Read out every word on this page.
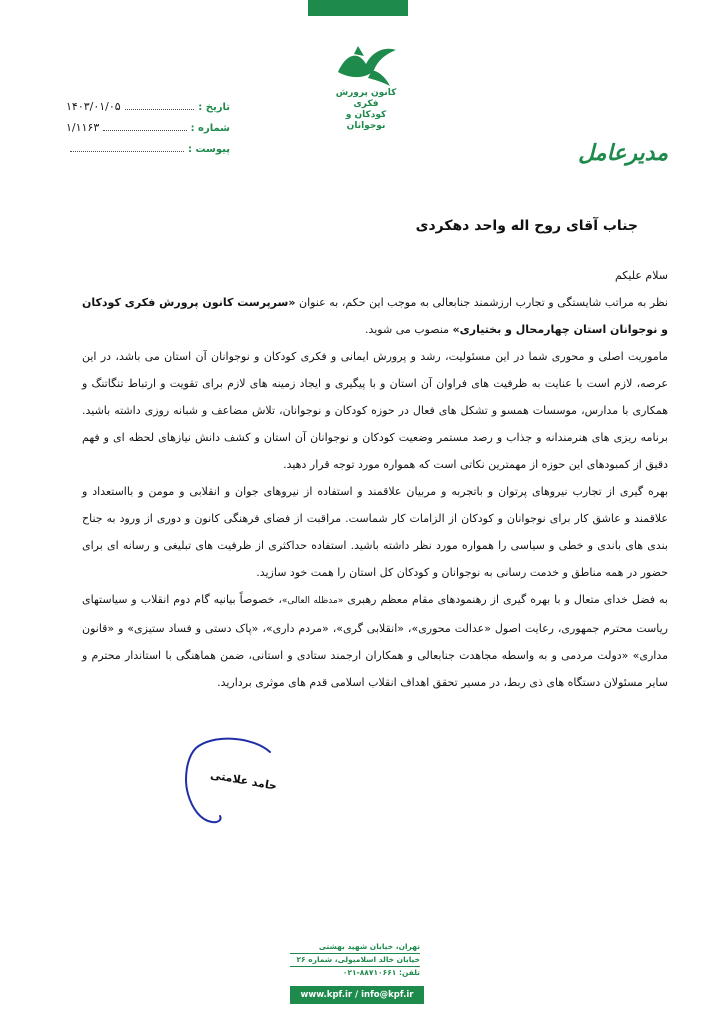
کانون پرورش فکری
کودکان و نوجوانان
۱۴۰۳/۰۱/۰۵	تاریخ :
۱/۱۱۶۳	شماره :
پیوست :	مدیرعامل
جناب آقای روح اله واحد دهکردی

سلام علیکم

نظر به مراتب شایستگی و تجارب ارزشمند جنابعالی به موجب این حکم، به عنوان «سرپرست کانون پرورش فکری کودکان و نوجوانان استان چهارمحال و بختیاری» منصوب می شوید.

ماموریت اصلی و محوری شما در این مسئولیت، رشد و پرورش ایمانی و فکری کودکان و نوجوانان آن استان می باشد، در این عرصه، لازم است با عنایت به ظرفیت های فراوان آن استان و با پیگیری و ایجاد زمینه های لازم برای تقویت و ارتباط تنگاتنگ و همکاری با مدارس، موسسات همسو و تشکل های فعال در حوزه کودکان و نوجوانان، تلاش مضاعف و شبانه روزی داشته باشید. برنامه ریزی های هنرمندانه و جذاب و رصد مستمر وضعیت کودکان و نوجوانان آن استان و کشف دانش نیازهای لحظه ای و فهم دقیق از کمبودهای این حوزه از مهمترین نکاتی است که همواره مورد توجه قرار دهید.

بهره گیری از تجارب نیروهای پرتوان و باتجربه و مربیان علاقمند و استفاده از نیروهای جوان و انقلابی و مومن و بااستعداد و علاقمند و عاشق کار برای نوجوانان و کودکان از الزامات کار شماست. مراقبت از فضای فرهنگی کانون و دوری از ورود به جناح بندی های باندی و خطی و سیاسی را همواره مورد نظر داشته باشید. استفاده حداکثری از ظرفیت های تبلیغی و رسانه ای برای حضور در همه مناطق و خدمت رسانی به نوجوانان و کودکان کل استان را همت خود سازید.

به فضل خدای متعال و با بهره گیری از رهنمودهای مقام معظم رهبری «مدظله العالی»، خصوصاً بیانیه گام دوم انقلاب و سیاستهای ریاست محترم جمهوری، رعایت اصول «عدالت محوری»، «انقلابی گری»، «مردم داری»، «پاک دستی و فساد ستیزی» و «قانون مداری» «دولت مردمی و به واسطه مجاهدت جنابعالی و همکاران ارجمند ستادی و استانی، ضمن هماهنگی با استاندار محترم و سایر مسئولان دستگاه های ذی ربط، در مسیر تحقق اهداف انقلاب اسلامی قدم های موثری بردارید.

حامد علامتی
تهران، خیابان شهید بهشتی
خیابان خالد اسلامبولی، شماره ۲۶
تلفن: ۸۸۷۱۰۶۶۱-۰۲۱
www.kpf.ir / info@kpf.ir
